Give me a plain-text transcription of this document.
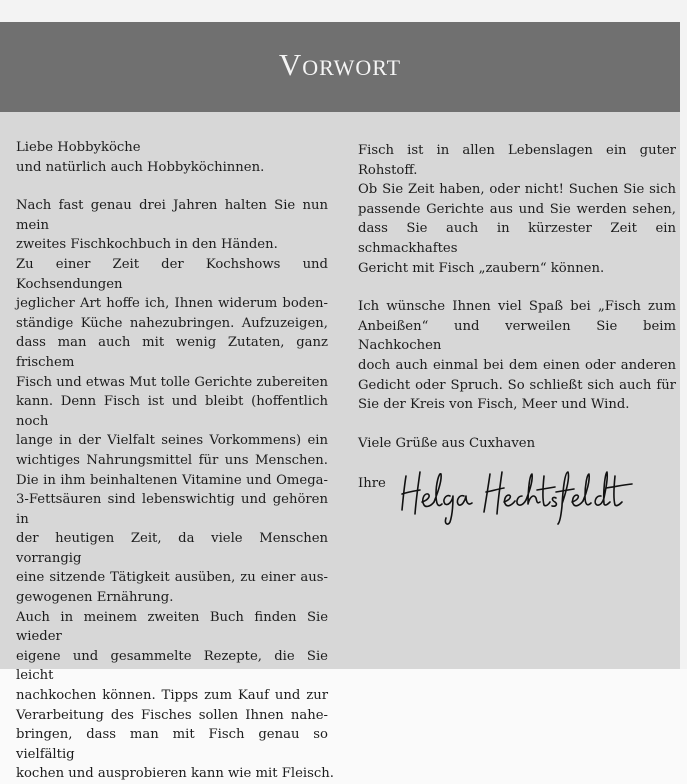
Vorwort
Liebe Hobbyköche
und natürlich auch Hobbyköchinnen.
Nach fast genau drei Jahren halten Sie nun mein
zweites Fischkochbuch in den Händen.
Zu einer Zeit der Kochshows und Kochsendungen
jeglicher Art hoffe ich, Ihnen widerum boden-
ständige Küche nahezubringen. Aufzuzeigen,
dass man auch mit wenig Zutaten, ganz frischem
Fisch und etwas Mut tolle Gerichte zubereiten
kann. Denn Fisch ist und bleibt (hoffentlich noch
lange in der Vielfalt seines Vorkommens) ein
wichtiges Nahrungsmittel für uns Menschen.
Die in ihm beinhaltenen Vitamine und Omega-
3-Fettsäuren sind lebenswichtig und gehören in
der heutigen Zeit, da viele Menschen vorrangig
eine sitzende Tätigkeit ausüben, zu einer aus-
gewogenen Ernährung.
Auch in meinem zweiten Buch finden Sie wieder
eigene und gesammelte Rezepte, die Sie leicht
nachkochen können. Tipps zum Kauf und zur
Verarbeitung des Fisches sollen Ihnen nahe-
bringen, dass man mit Fisch genau so vielfältig
kochen und ausprobieren kann wie mit Fleisch.
Fisch ist in allen Lebenslagen ein guter Rohstoff.
Ob Sie Zeit haben, oder nicht! Suchen Sie sich
passende Gerichte aus und Sie werden sehen,
dass Sie auch in kürzester Zeit ein schmackhaftes
Gericht mit Fisch „zaubern“ können.
Ich wünsche Ihnen viel Spaß bei „Fisch zum
Anbeißen“ und verweilen Sie beim Nachkochen
doch auch einmal bei dem einen oder anderen
Gedicht oder Spruch. So schließt sich auch für
Sie der Kreis von Fisch, Meer und Wind.
Viele Grüße aus Cuxhaven
Ihre
